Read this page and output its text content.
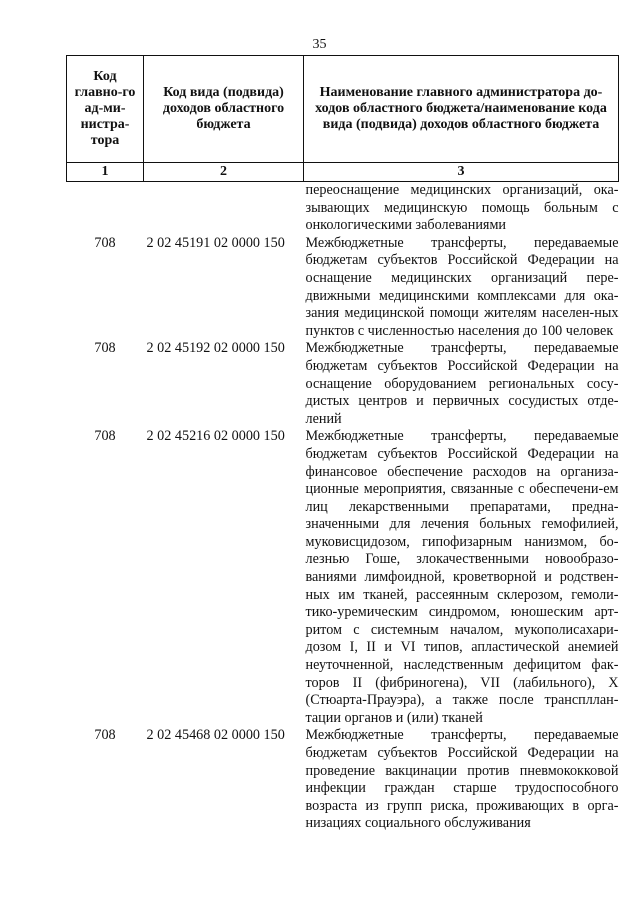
35
Код главно-го ад-ми-нистра-тора	Код вида (подвида) доходов областного бюджета	Наименование главного администратора до-ходов областного бюджета/наименование кода вида (подвида) доходов областного бюджета
1	2	3
		переоснащение медицинских организаций, ока-зывающих медицинскую помощь больным с онкологическими заболеваниями
708	2 02 45191 02 0000 150	Межбюджетные трансферты, передаваемые бюджетам субъектов Российской Федерации на оснащение медицинских организаций пере-движными медицинскими комплексами для ока-зания медицинской помощи жителям населен-ных пунктов с численностью населения до 100 человек
708	2 02 45192 02 0000 150	Межбюджетные трансферты, передаваемые бюджетам субъектов Российской Федерации на оснащение оборудованием региональных сосу-дистых центров и первичных сосудистых отде-лений
708	2 02 45216 02 0000 150	Межбюджетные трансферты, передаваемые бюджетам субъектов Российской Федерации на финансовое обеспечение расходов на организа-ционные мероприятия, связанные с обеспечени-ем лиц лекарственными препаратами, предна-значенными для лечения больных гемофилией, муковисцидозом, гипофизарным нанизмом, бо-лезнью Гоше, злокачественными новообразо-ваниями лимфоидной, кроветворной и родствен-ных им тканей, рассеянным склерозом, гемоли-тико-уремическим синдромом, юношеским арт-ритом с системным началом, мукополисахари-дозом I, II и VI типов, апластической анемией неуточненной, наследственным дефицитом фак-торов II (фибриногена), VII (лабильного), X (Стюарта-Прауэра), а также после транспллан-тации органов и (или) тканей
708	2 02 45468 02 0000 150	Межбюджетные трансферты, передаваемые бюджетам субъектов Российской Федерации на проведение вакцинации против пневмококковой инфекции граждан старше трудоспособного возраста из групп риска, проживающих в орга-низациях социального обслуживания
